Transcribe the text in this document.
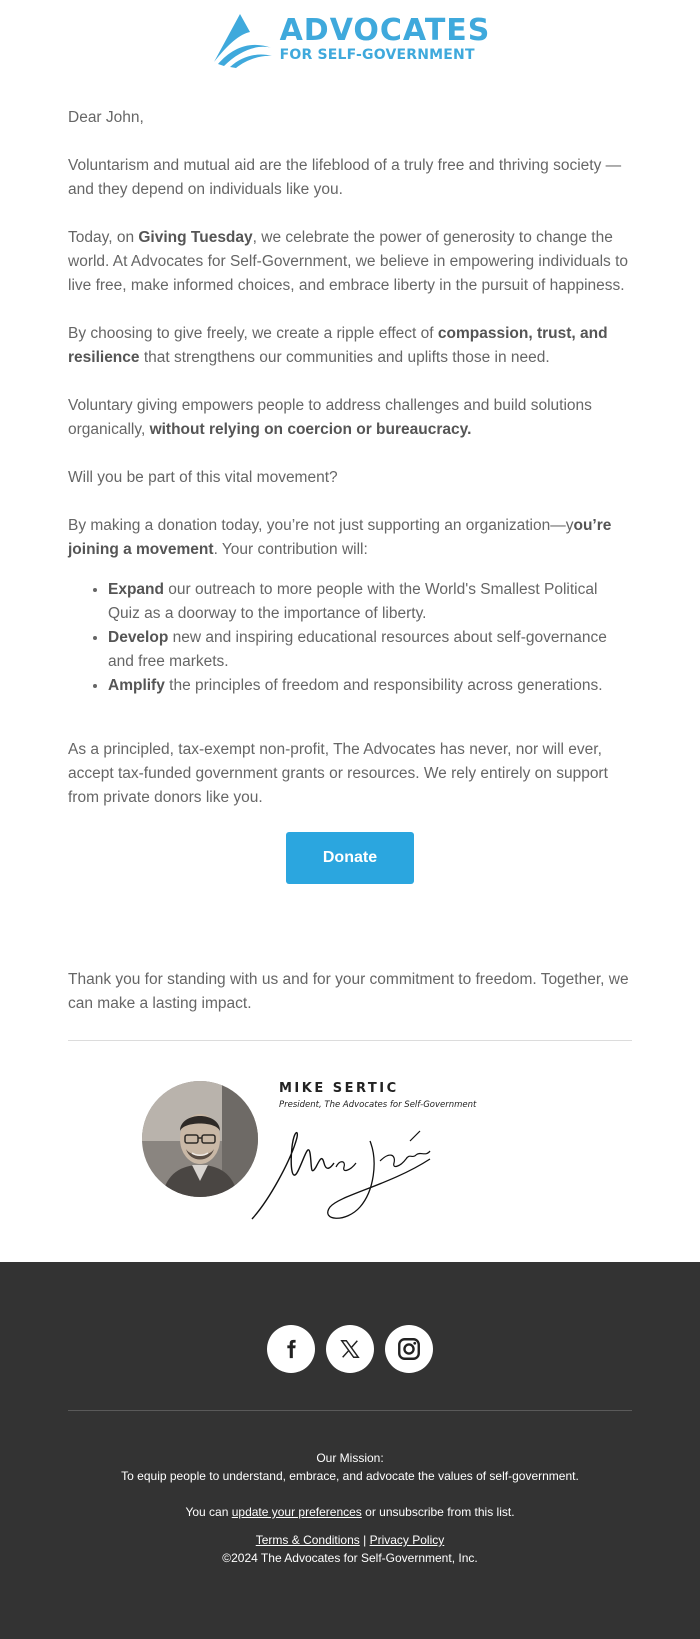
ADVOCATES
FOR SELF-GOVERNMENT

Dear John,

Voluntarism and mutual aid are the lifeblood of a truly free and thriving society —and they depend on individuals like you.

Today, on Giving Tuesday, we celebrate the power of generosity to change the world. At Advocates for Self-Government, we believe in empowering individuals to live free, make informed choices, and embrace liberty in the pursuit of happiness.

By choosing to give freely, we create a ripple effect of compassion, trust, and resilience that strengthens our communities and uplifts those in need.

Voluntary giving empowers people to address challenges and build solutions organically, without relying on coercion or bureaucracy.

Will you be part of this vital movement?

By making a donation today, you’re not just supporting an organization—you’re joining a movement. Your contribution will:

• Expand our outreach to more people with the World's Smallest Political Quiz as a doorway to the importance of liberty.
• Develop new and inspiring educational resources about self-governance and free markets.
• Amplify the principles of freedom and responsibility across generations.

As a principled, tax-exempt non-profit, The Advocates has never, nor will ever, accept tax-funded government grants or resources. We rely entirely on support from private donors like you.

Donate Now

Thank you for standing with us and for your commitment to freedom. Together, we can make a lasting impact.

MIKE SERTIC
President, The Advocates for Self-Government
Our Mission:
To equip people to understand, embrace, and advocate the values of self-government.
You can update your preferences or unsubscribe from this list.
Terms & Conditions | Privacy Policy
©2024 The Advocates for Self-Government, Inc.
